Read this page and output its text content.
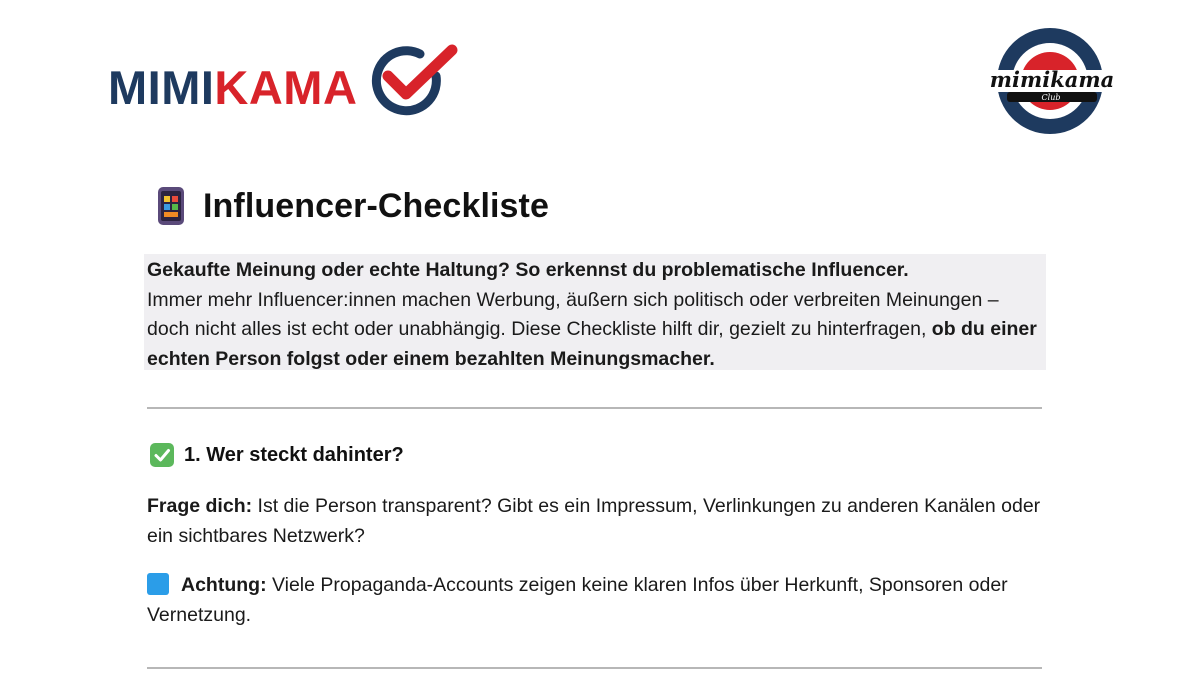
MIMIKAMA	mimikama
Club
Influencer-Checkliste

Gekaufte Meinung oder echte Haltung? So erkennst du problematische Influencer.
Immer mehr Influencer:innen machen Werbung, äußern sich politisch oder verbreiten Meinungen – doch nicht alles ist echt oder unabhängig. Diese Checkliste hilft dir, gezielt zu hinterfragen, ob du einer echten Person folgst oder einem bezahlten Meinungsmacher.

1. Wer steckt dahinter?

Frage dich: Ist die Person transparent? Gibt es ein Impressum, Verlinkungen zu anderen Kanälen oder ein sichtbares Netzwerk?

Achtung: Viele Propaganda-Accounts zeigen keine klaren Infos über Herkunft, Sponsoren oder Vernetzung.
